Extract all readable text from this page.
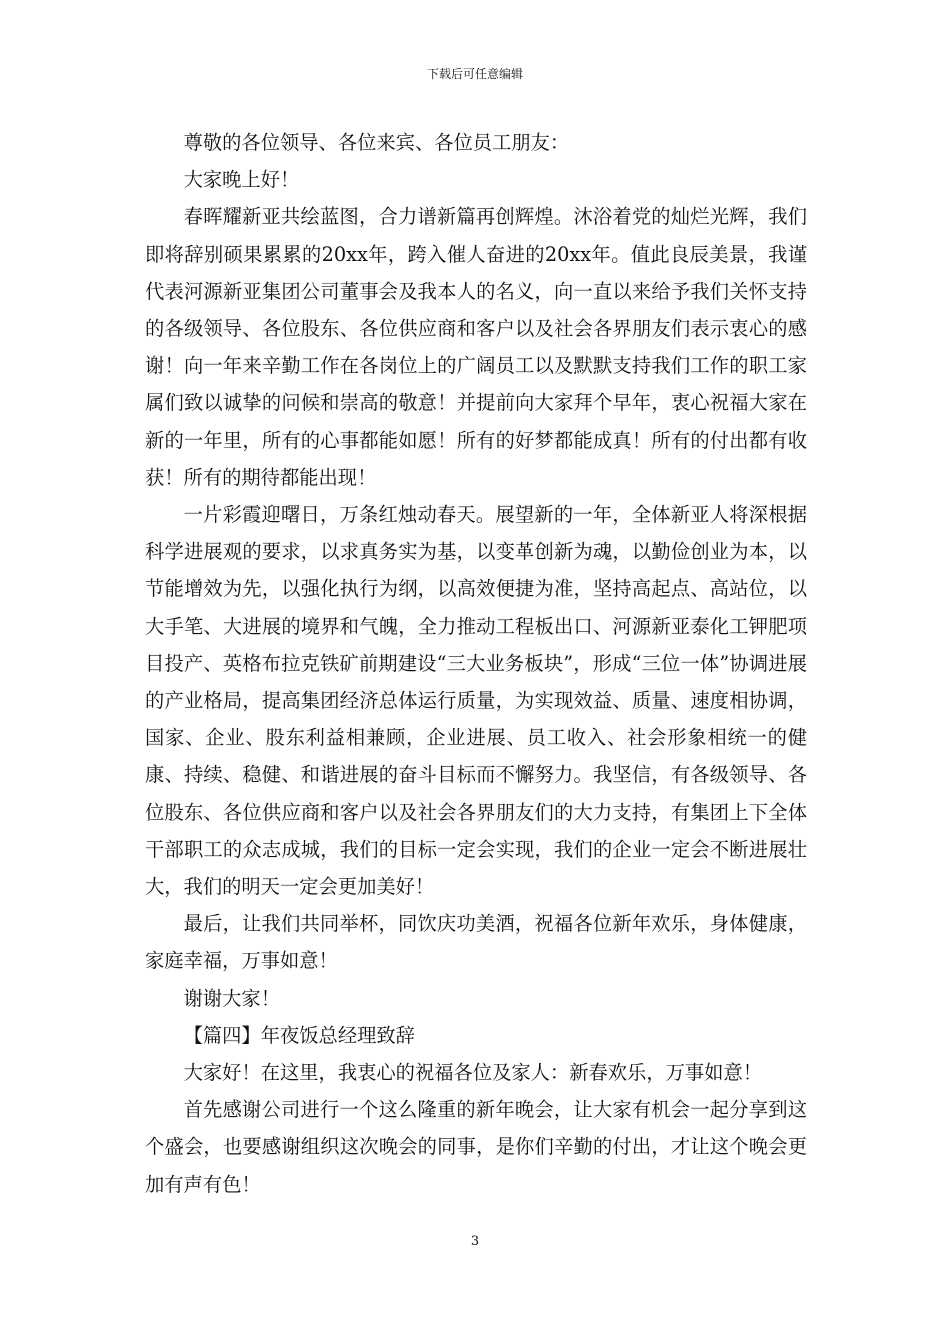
下载后可任意编辑

尊敬的各位领导、各位来宾、各位员工朋友：

大家晚上好！

春晖耀新亚共绘蓝图，合力谱新篇再创辉煌。沐浴着党的灿烂光辉，我们即将辞别硕果累累的20xx年，跨入催人奋进的20xx年。值此良辰美景，我谨代表河源新亚集团公司董事会及我本人的名义，向一直以来给予我们关怀支持的各级领导、各位股东、各位供应商和客户以及社会各界朋友们表示衷心的感谢！向一年来辛勤工作在各岗位上的广阔员工以及默默支持我们工作的职工家属们致以诚挚的问候和崇高的敬意！并提前向大家拜个早年，衷心祝福大家在新的一年里，所有的心事都能如愿！所有的好梦都能成真！所有的付出都有收获！所有的期待都能出现！

一片彩霞迎曙日，万条红烛动春天。展望新的一年，全体新亚人将深根据科学进展观的要求，以求真务实为基，以变革创新为魂，以勤俭创业为本，以节能增效为先，以强化执行为纲，以高效便捷为准，坚持高起点、高站位，以大手笔、大进展的境界和气魄，全力推动工程板出口、河源新亚泰化工钾肥项目投产、英格布拉克铁矿前期建设“三大业务板块”，形成“三位一体”协调进展的产业格局，提高集团经济总体运行质量，为实现效益、质量、速度相协调，国家、企业、股东利益相兼顾，企业进展、员工收入、社会形象相统一的健康、持续、稳健、和谐进展的奋斗目标而不懈努力。我坚信，有各级领导、各位股东、各位供应商和客户以及社会各界朋友们的大力支持，有集团上下全体干部职工的众志成城，我们的目标一定会实现，我们的企业一定会不断进展壮大，我们的明天一定会更加美好！

最后，让我们共同举杯，同饮庆功美酒，祝福各位新年欢乐，身体健康，家庭幸福，万事如意！

谢谢大家！

【篇四】年夜饭总经理致辞

大家好！在这里，我衷心的祝福各位及家人：新春欢乐，万事如意！

首先感谢公司进行一个这么隆重的新年晚会，让大家有机会一起分享到这个盛会，也要感谢组织这次晚会的同事，是你们辛勤的付出，才让这个晚会更加有声有色！

3
